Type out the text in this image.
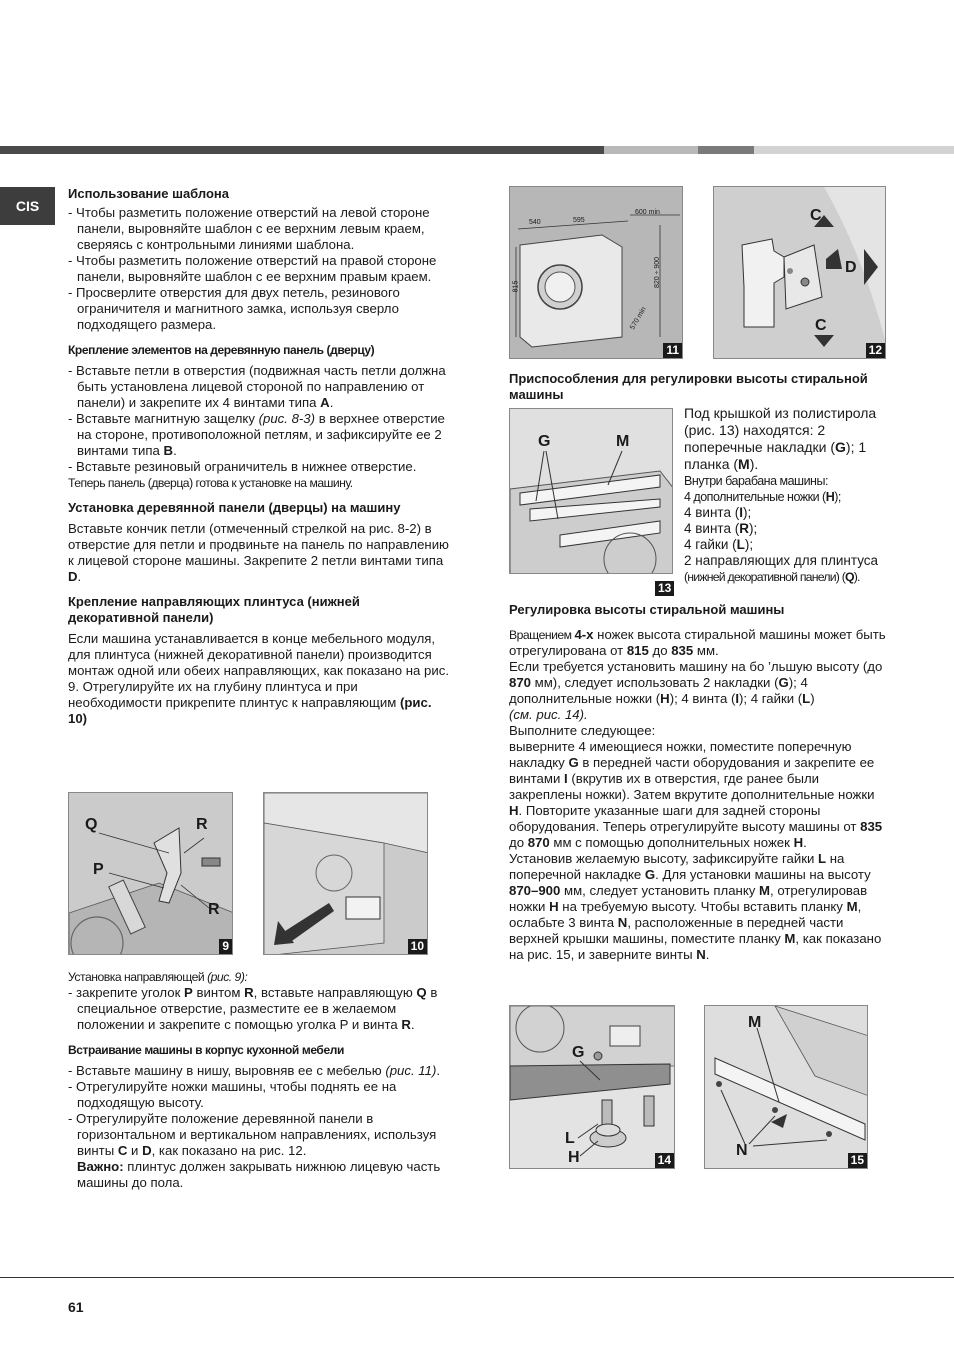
CIS

Использование шаблона

- Чтобы разметить положение отверстий на левой стороне панели, выровняйте шаблон с ее верхним левым краем, сверяясь с контрольными линиями шаблона.

- Чтобы разметить положение отверстий на правой стороне панели, выровняйте шаблон с ее верхним правым краем.

- Просверлите отверстия для двух петель, резинового ограничителя и магнитного замка, используя сверло подходящего размера.

Крепление элементов на деревянную панель (дверцу)

- Вставьте петли в отверстия (подвижная часть петли должна быть установлена лицевой стороной по направлению от панели) и закрепите их 4 винтами типа A.

- Вставьте магнитную защелку (рис. 8-3) в верхнее отверстие на стороне, противоположной петлям, и зафиксируйте ее 2 винтами типа B.

- Вставьте резиновый ограничитель в нижнее отверстие.

Теперь панель (дверца) готова к установке на машину.

Установка деревянной панели (дверцы) на машину

Вставьте кончик петли (отмеченный стрелкой на рис. 8-2) в отверстие для петли и продвиньте на панель по направлению к лицевой стороне машины. Закрепите 2 петли винтами типа D.

Крепление направляющих плинтуса (нижней декоративной панели)

Если машина устанавливается в конце мебельного модуля, для плинтуса (нижней декоративной панели) производится монтаж одной или обеих направляющих, как показано на рис. 9. Отрегулируйте их на глубину плинтуса и при необходимости прикрепите плинтус к направляющим (рис. 10)

Q	R
P
R
9	10

Установка направляющей (рис. 9):

- закрепите уголок P винтом R, вставьте направляющую Q в специальное отверстие, разместите ее в желаемом положении и закрепите с помощью уголка P и винта R.

Встраивание машины в корпус кухонной мебели

- Вставьте машину в нишу, выровняв ее с мебелью (рис. 11).

- Отрегулируйте ножки машины, чтобы поднять ее на подходящую высоту.

- Отрегулируйте положение деревянной панели в горизонтальном и вертикальном направлениях, используя винты C и D, как показано на рис. 12.

Важно: плинтус должен закрывать нижнюю лицевую часть машины до пола.

540	595
600 min
815	820 ÷ 900
570 min
11
C
D
C
12

Приспособления для регулировки высоты стиральной машины

G	M
13

Под крышкой из полистирола (рис. 13) находятся: 2 поперечные накладки (G); 1 планка (M).

Внутри барабана машины:

4 дополнительные ножки (H);

4 винта (I);

4 винта (R);

4 гайки (L);

2 направляющих для плинтуса

(нижней декоративной панели) (Q).

Регулировка высоты стиральной машины

Вращением 4-х ножек высота стиральной машины может быть отрегулирована от 815 до 835 мм.

Если требуется установить машину на бо ’льшую высоту (до 870 мм), следует использовать 2 накладки (G); 4 дополнительные ножки (H); 4 винта (I); 4 гайки (L)
(см. рис. 14).

Выполните следующее:

выверните 4 имеющиеся ножки, поместите поперечную накладку G в передней части оборудования и закрепите ее винтами I (вкрутив их в отверстия, где ранее были закреплены ножки). Затем вкрутите дополнительные ножки H. Повторите указанные шаги для задней стороны оборудования. Теперь отрегулируйте высоту машины от 835 до 870 мм с помощью дополнительных ножек H.

Установив желаемую высоту, зафиксируйте гайки L на поперечной накладке G. Для установки машины на высоту 870–900 мм, следует установить планку M, отрегулировав ножки H на требуемую высоту. Чтобы вставить планку M, ослабьте 3 винта N, расположенные в передней части верхней крышки машины, поместите планку M, как показано на рис. 15, и заверните винты N.

G
L
H	14
M
N
15
61
